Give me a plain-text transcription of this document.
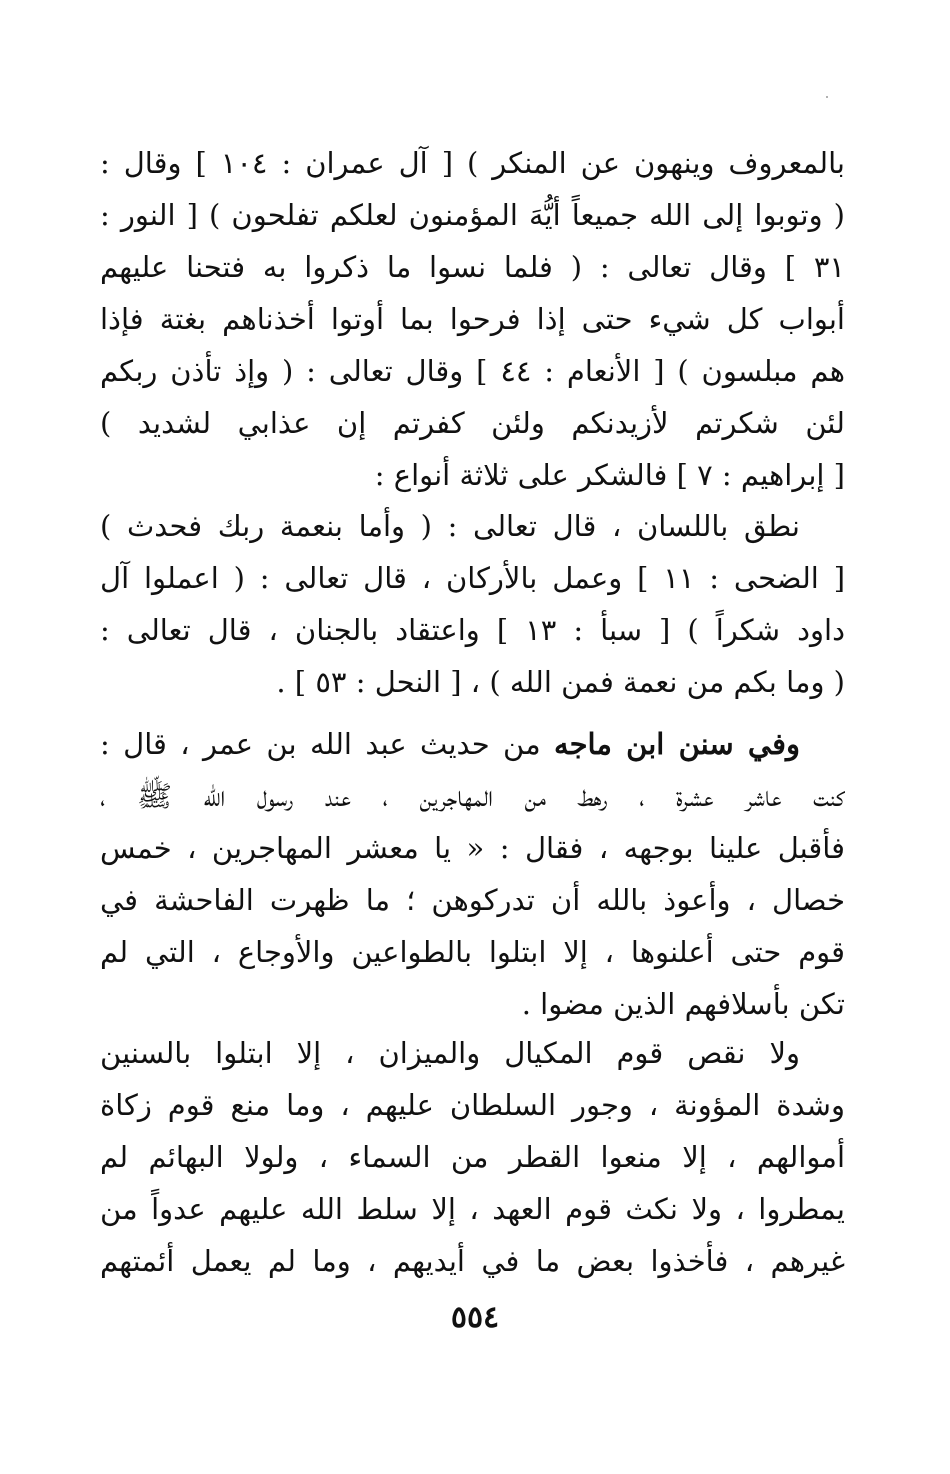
بالمعروف وينهون عن المنكر ) [ آل عمران : ١٠٤ ] وقال :
( وتوبوا إلى الله جميعاً أيُّهَ المؤمنون لعلكم تفلحون ) [ النور :
٣١ ] وقال تعالى : ( فلما نسوا ما ذكروا به فتحنا عليهم
أبواب كل شيء حتى إذا فرحوا بما أوتوا أخذناهم بغتة فإذا
هم مبلسون ) [ الأنعام : ٤٤ ] وقال تعالى : ( وإذ تأذن ربكم
لئن شكرتم لأزيدنكم ولئن كفرتم إن عذابي لشديد )
[ إبراهيم : ٧ ] فالشكر على ثلاثة أنواع :
نطق باللسان ، قال تعالى : ( وأما بنعمة ربك فحدث )
[ الضحى : ١١ ] وعمل بالأركان ، قال تعالى : ( اعملوا آل
داود شكراً ) [ سبأ : ١٣ ] واعتقاد بالجنان ، قال تعالى :
( وما بكم من نعمة فمن الله ) ، [ النحل : ٥٣ ] .
وفي سنن ابن ماجه من حديث عبد الله بن عمر ، قال :
كنت عاشر عشرة ، رهط من المهاجرين ، عند رسول الله ﷺ ،
فأقبل علينا بوجهه ، فقال : « يا معشر المهاجرين ، خمس
خصال ، وأعوذ بالله أن تدركوهن ؛ ما ظهرت الفاحشة في
قوم حتى أعلنوها ، إلا ابتلوا بالطواعين والأوجاع ، التي لم
تكن بأسلافهم الذين مضوا .
ولا نقص قوم المكيال والميزان ، إلا ابتلوا بالسنين
وشدة المؤونة ، وجور السلطان عليهم ، وما منع قوم زكاة
أموالهم ، إلا منعوا القطر من السماء ، ولولا البهائم لم
يمطروا ، ولا نكث قوم العهد ، إلا سلط الله عليهم عدواً من
غيرهم ، فأخذوا بعض ما في أيديهم ، وما لم يعمل أئمتهم
٥٥٤
